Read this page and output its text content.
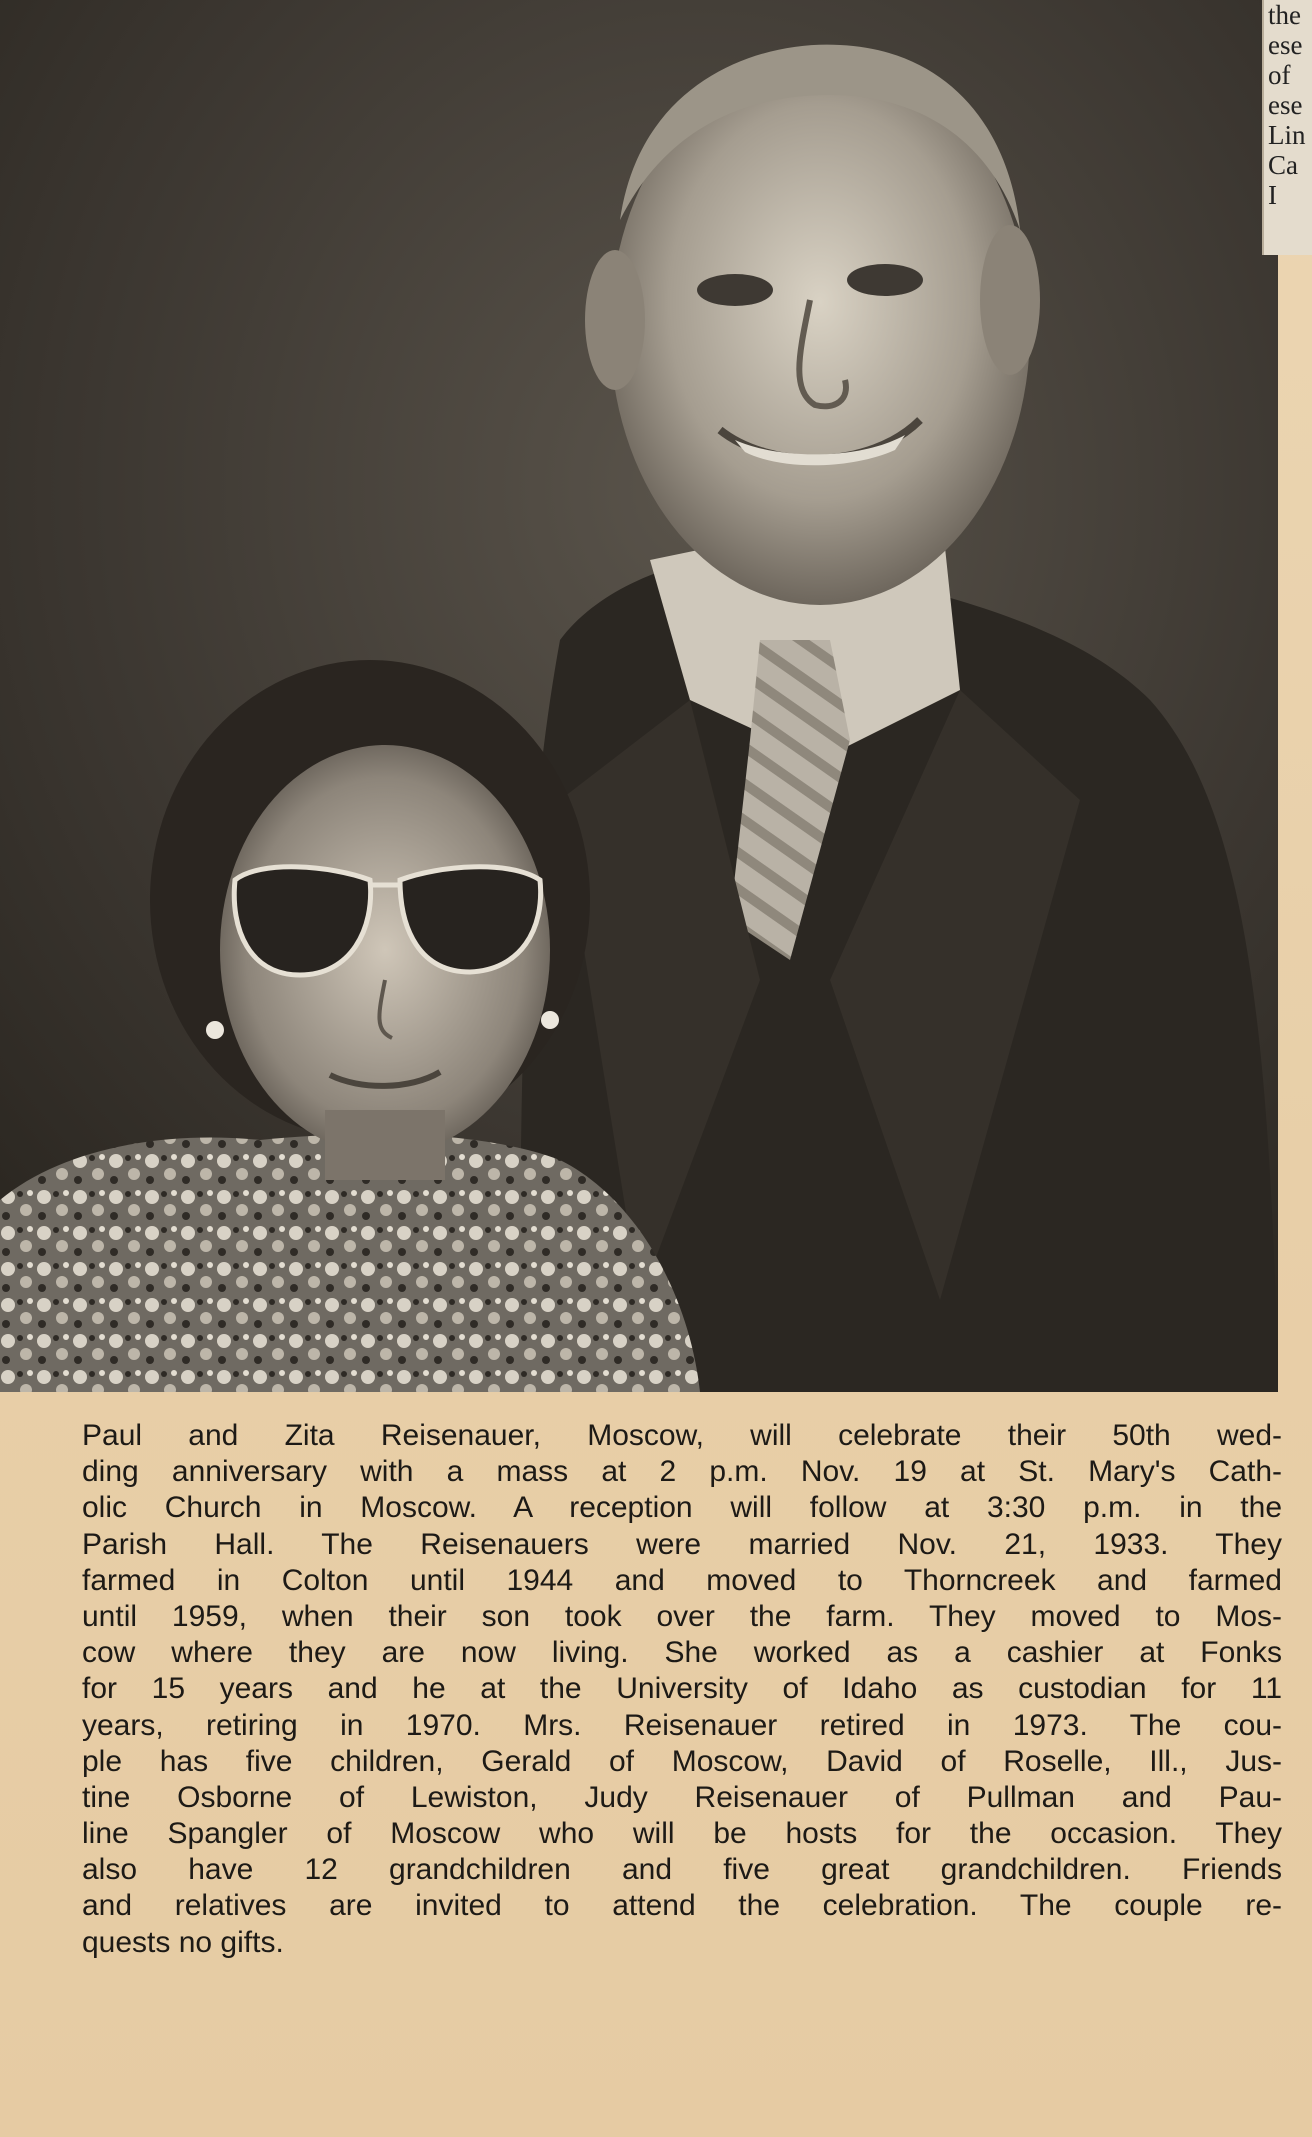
the
ese
of
ese
Lin
Ca
I
Paul and Zita Reisenauer, Moscow, will celebrate their 50th wed-
ding anniversary with a mass at 2 p.m. Nov. 19 at St. Mary's Cath-
olic Church in Moscow. A reception will follow at 3:30 p.m. in the
Parish Hall. The Reisenauers were married Nov. 21, 1933. They
farmed in Colton until 1944 and moved to Thorncreek and farmed
until 1959, when their son took over the farm. They moved to Mos-
cow where they are now living. She worked as a cashier at Fonks
for 15 years and he at the University of Idaho as custodian for 11
years, retiring in 1970. Mrs. Reisenauer retired in 1973. The cou-
ple has five children, Gerald of Moscow, David of Roselle, Ill., Jus-
tine Osborne of Lewiston, Judy Reisenauer of Pullman and Pau-
line Spangler of Moscow who will be hosts for the occasion. They
also have 12 grandchildren and five great grandchildren. Friends
and relatives are invited to attend the celebration. The couple re-
quests no gifts.
